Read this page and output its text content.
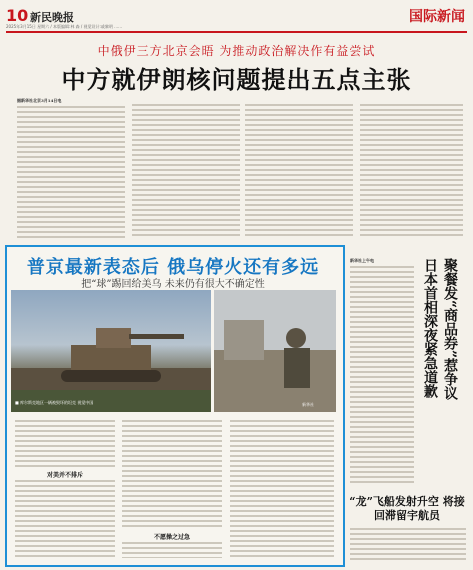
10 新民晚报	国际新闻
2025年3月15日 星期六 / 本版编辑:林 森 / 视觉设计:戚黎明 ……
中俄伊三方北京会晤 为推动政治解决作有益尝试
中方就伊朗核问题提出五点主张
据新华社北京3月14日电
普京最新表态后 俄乌停火还有多远
把“球”踢回给美乌 未来仍有很大不确定性
■ 库尔斯克地区一辆被毁坏的坦克 视觉中国	新华社
对美并不排斥
不愿操之过急
新华社上午电	聚餐发“商品券”惹争议 日本首相深夜紧急道歉
“龙”飞船发射升空 将接回滞留宇航员
